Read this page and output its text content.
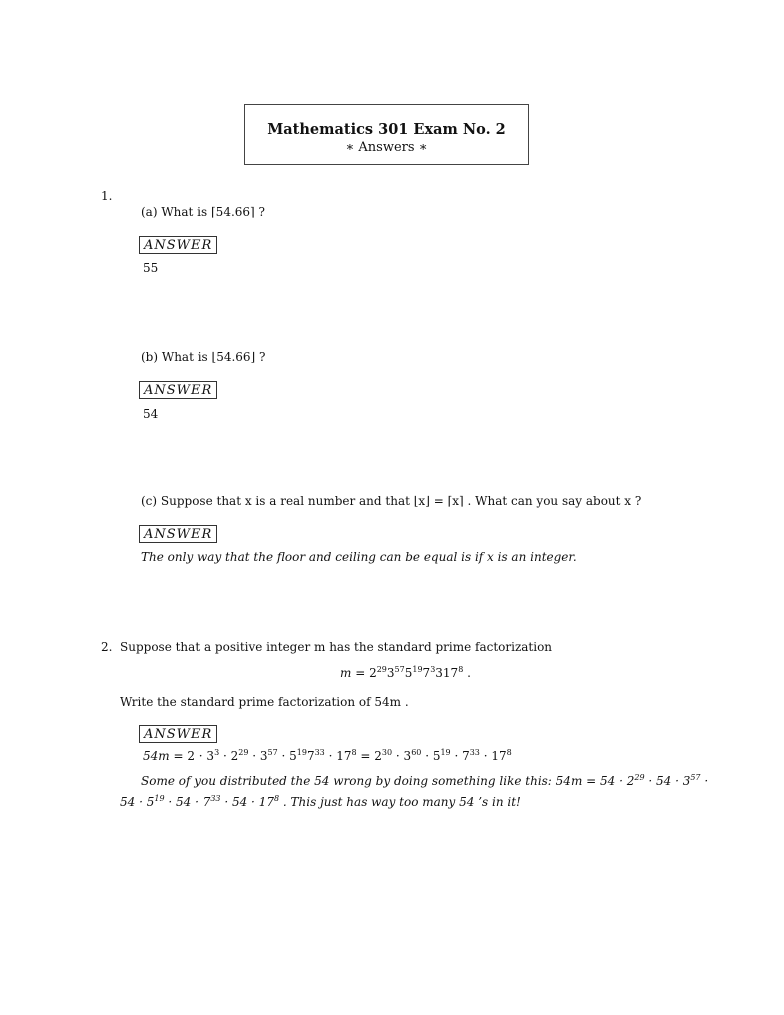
Mathematics 301 Exam No. 2
∗ Answers ∗
1.
(a) What is ⌈54.66⌉ ?
ANSWER
55
(b) What is ⌊54.66⌋ ?
ANSWER
54
(c) Suppose that x is a real number and that ⌊x⌋ = ⌈x⌉ . What can you say about x ?
ANSWER
The only way that the floor and ceiling can be equal is if x is an integer.
2. Suppose that a positive integer m has the standard prime factorization
$m = 2^{29}3^{57}5^{19}7^3317^8$ .
Write the standard prime factorization of 54m .
ANSWER
$54m = 2 \cdot 3^3 \cdot 2^{29} \cdot 3^{57} \cdot 5^{19}7^{33} \cdot 17^8 = 2^{30} \cdot 3^{60} \cdot 5^{19} \cdot 7^{33} \cdot 17^8$
Some of you distributed the 54 wrong by doing something like this: $54m = 54 \cdot 2^{29} \cdot 54 \cdot 3^{57}$ ·
$54 \cdot 5^{19} \cdot 54 \cdot 7^{33} \cdot 54 \cdot 17^8$ . This just has way too many 54 ’s in it!
